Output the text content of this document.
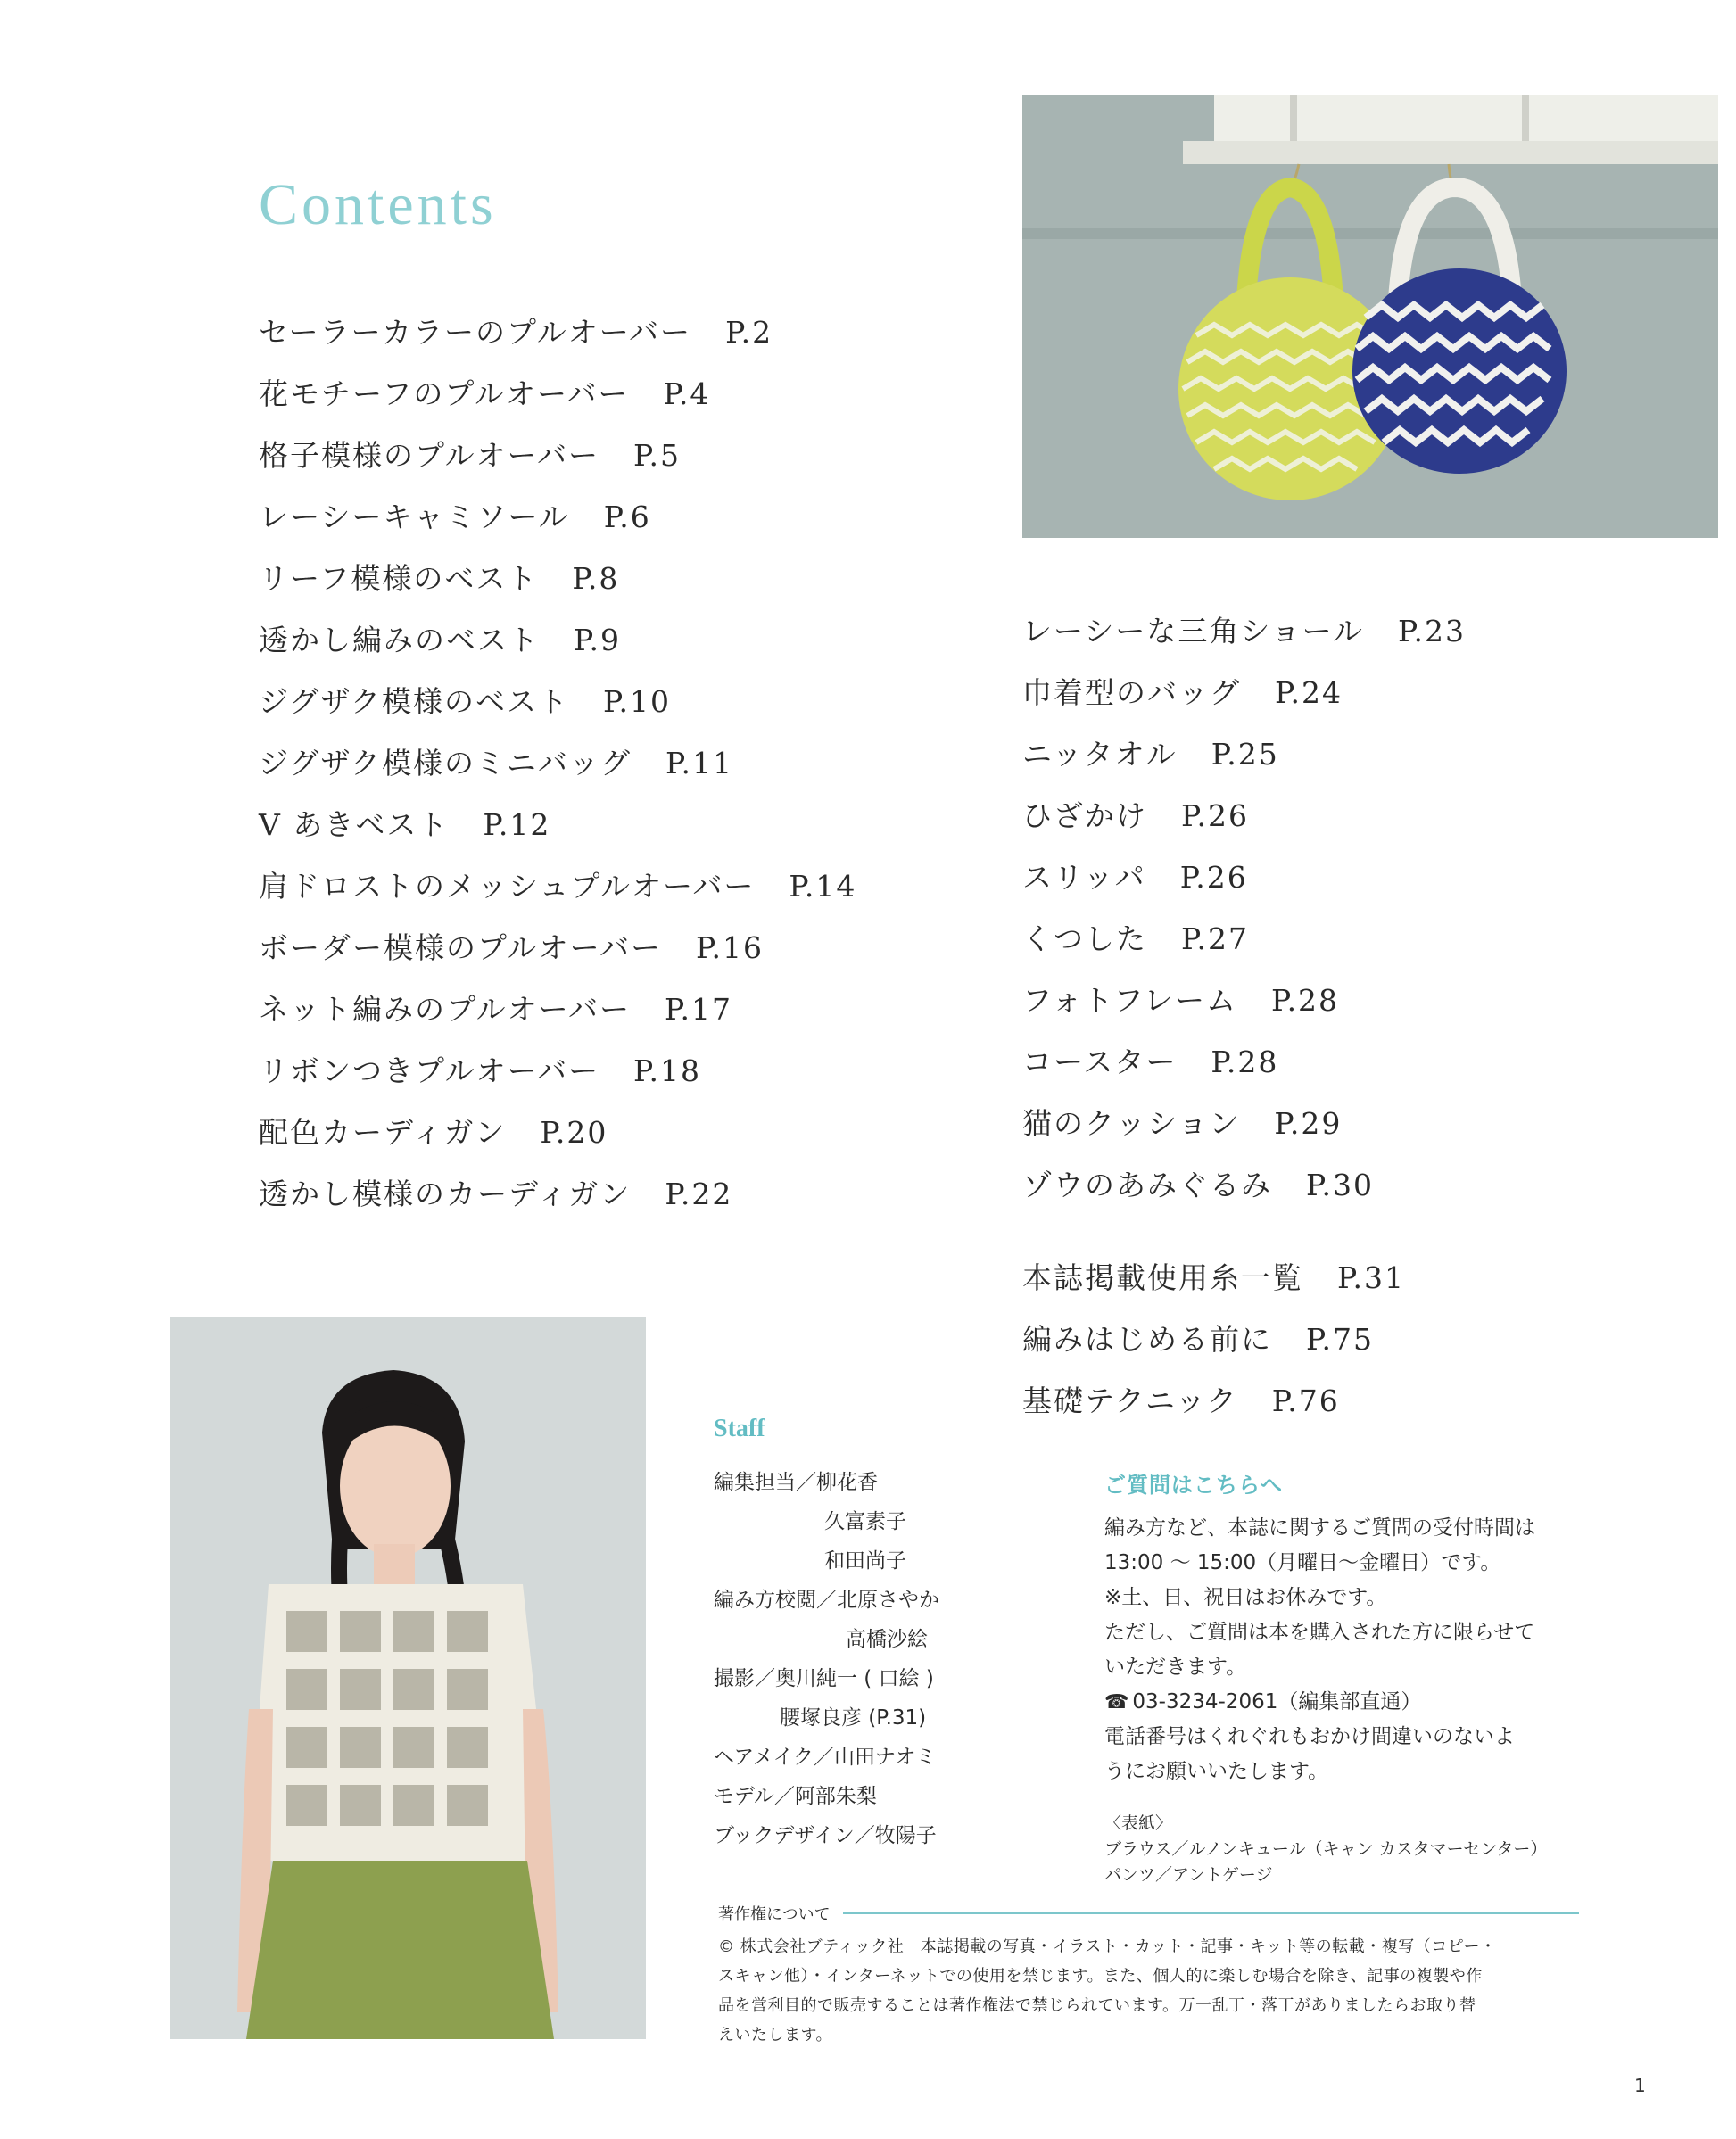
Contents
セーラーカラーのプルオーバー P.2
花モチーフのプルオーバー P.4
格子模様のプルオーバー P.5
レーシーキャミソール P.6
リーフ模様のベスト P.8
透かし編みのベスト P.9
ジグザク模様のベスト P.10
ジグザク模様のミニバッグ P.11
V あきベスト P.12
肩ドロストのメッシュプルオーバー P.14
ボーダー模様のプルオーバー P.16
ネット編みのプルオーバー P.17
リボンつきプルオーバー P.18
配色カーディガン P.20
透かし模様のカーディガン P.22
レーシーな三角ショール P.23
巾着型のバッグ P.24
ニッタオル P.25
ひざかけ P.26
スリッパ P.26
くつした P.27
フォトフレーム P.28
コースター P.28
猫のクッション P.29
ゾウのあみぐるみ P.30
本誌掲載使用糸一覧 P.31
編みはじめる前に P.75
基礎テクニック P.76
Staff
編集担当／柳花香
久富素子
和田尚子
編み方校閲／北原さやか
高橋沙絵
撮影／奥川純一 ( 口絵 )
腰塚良彦 (P.31)
ヘアメイク／山田ナオミ
モデル／阿部朱梨
ブックデザイン／牧陽子
ご質問はこちらへ

編み方など、本誌に関するご質問の受付時間は

13:00 ～ 15:00（月曜日～金曜日）です。

※土、日、祝日はお休みです。

ただし、ご質問は本を購入された方に限らせて

いただきます。

☎ 03-3234-2061（編集部直通）

電話番号はくれぐれもおかけ間違いのないよ

うにお願いいたします。

〈表紙〉

ブラウス／ルノンキュール（キャン カスタマーセンター）

パンツ／アントゲージ

著作権について
© 株式会社ブティック社　本誌掲載の写真・イラスト・カット・記事・キット等の転載・複写（コピー・
スキャン他）・インターネットでの使用を禁じます。また、個人的に楽しむ場合を除き、記事の複製や作
品を営利目的で販売することは著作権法で禁じられています。万一乱丁・落丁がありましたらお取り替
えいたします。
1
